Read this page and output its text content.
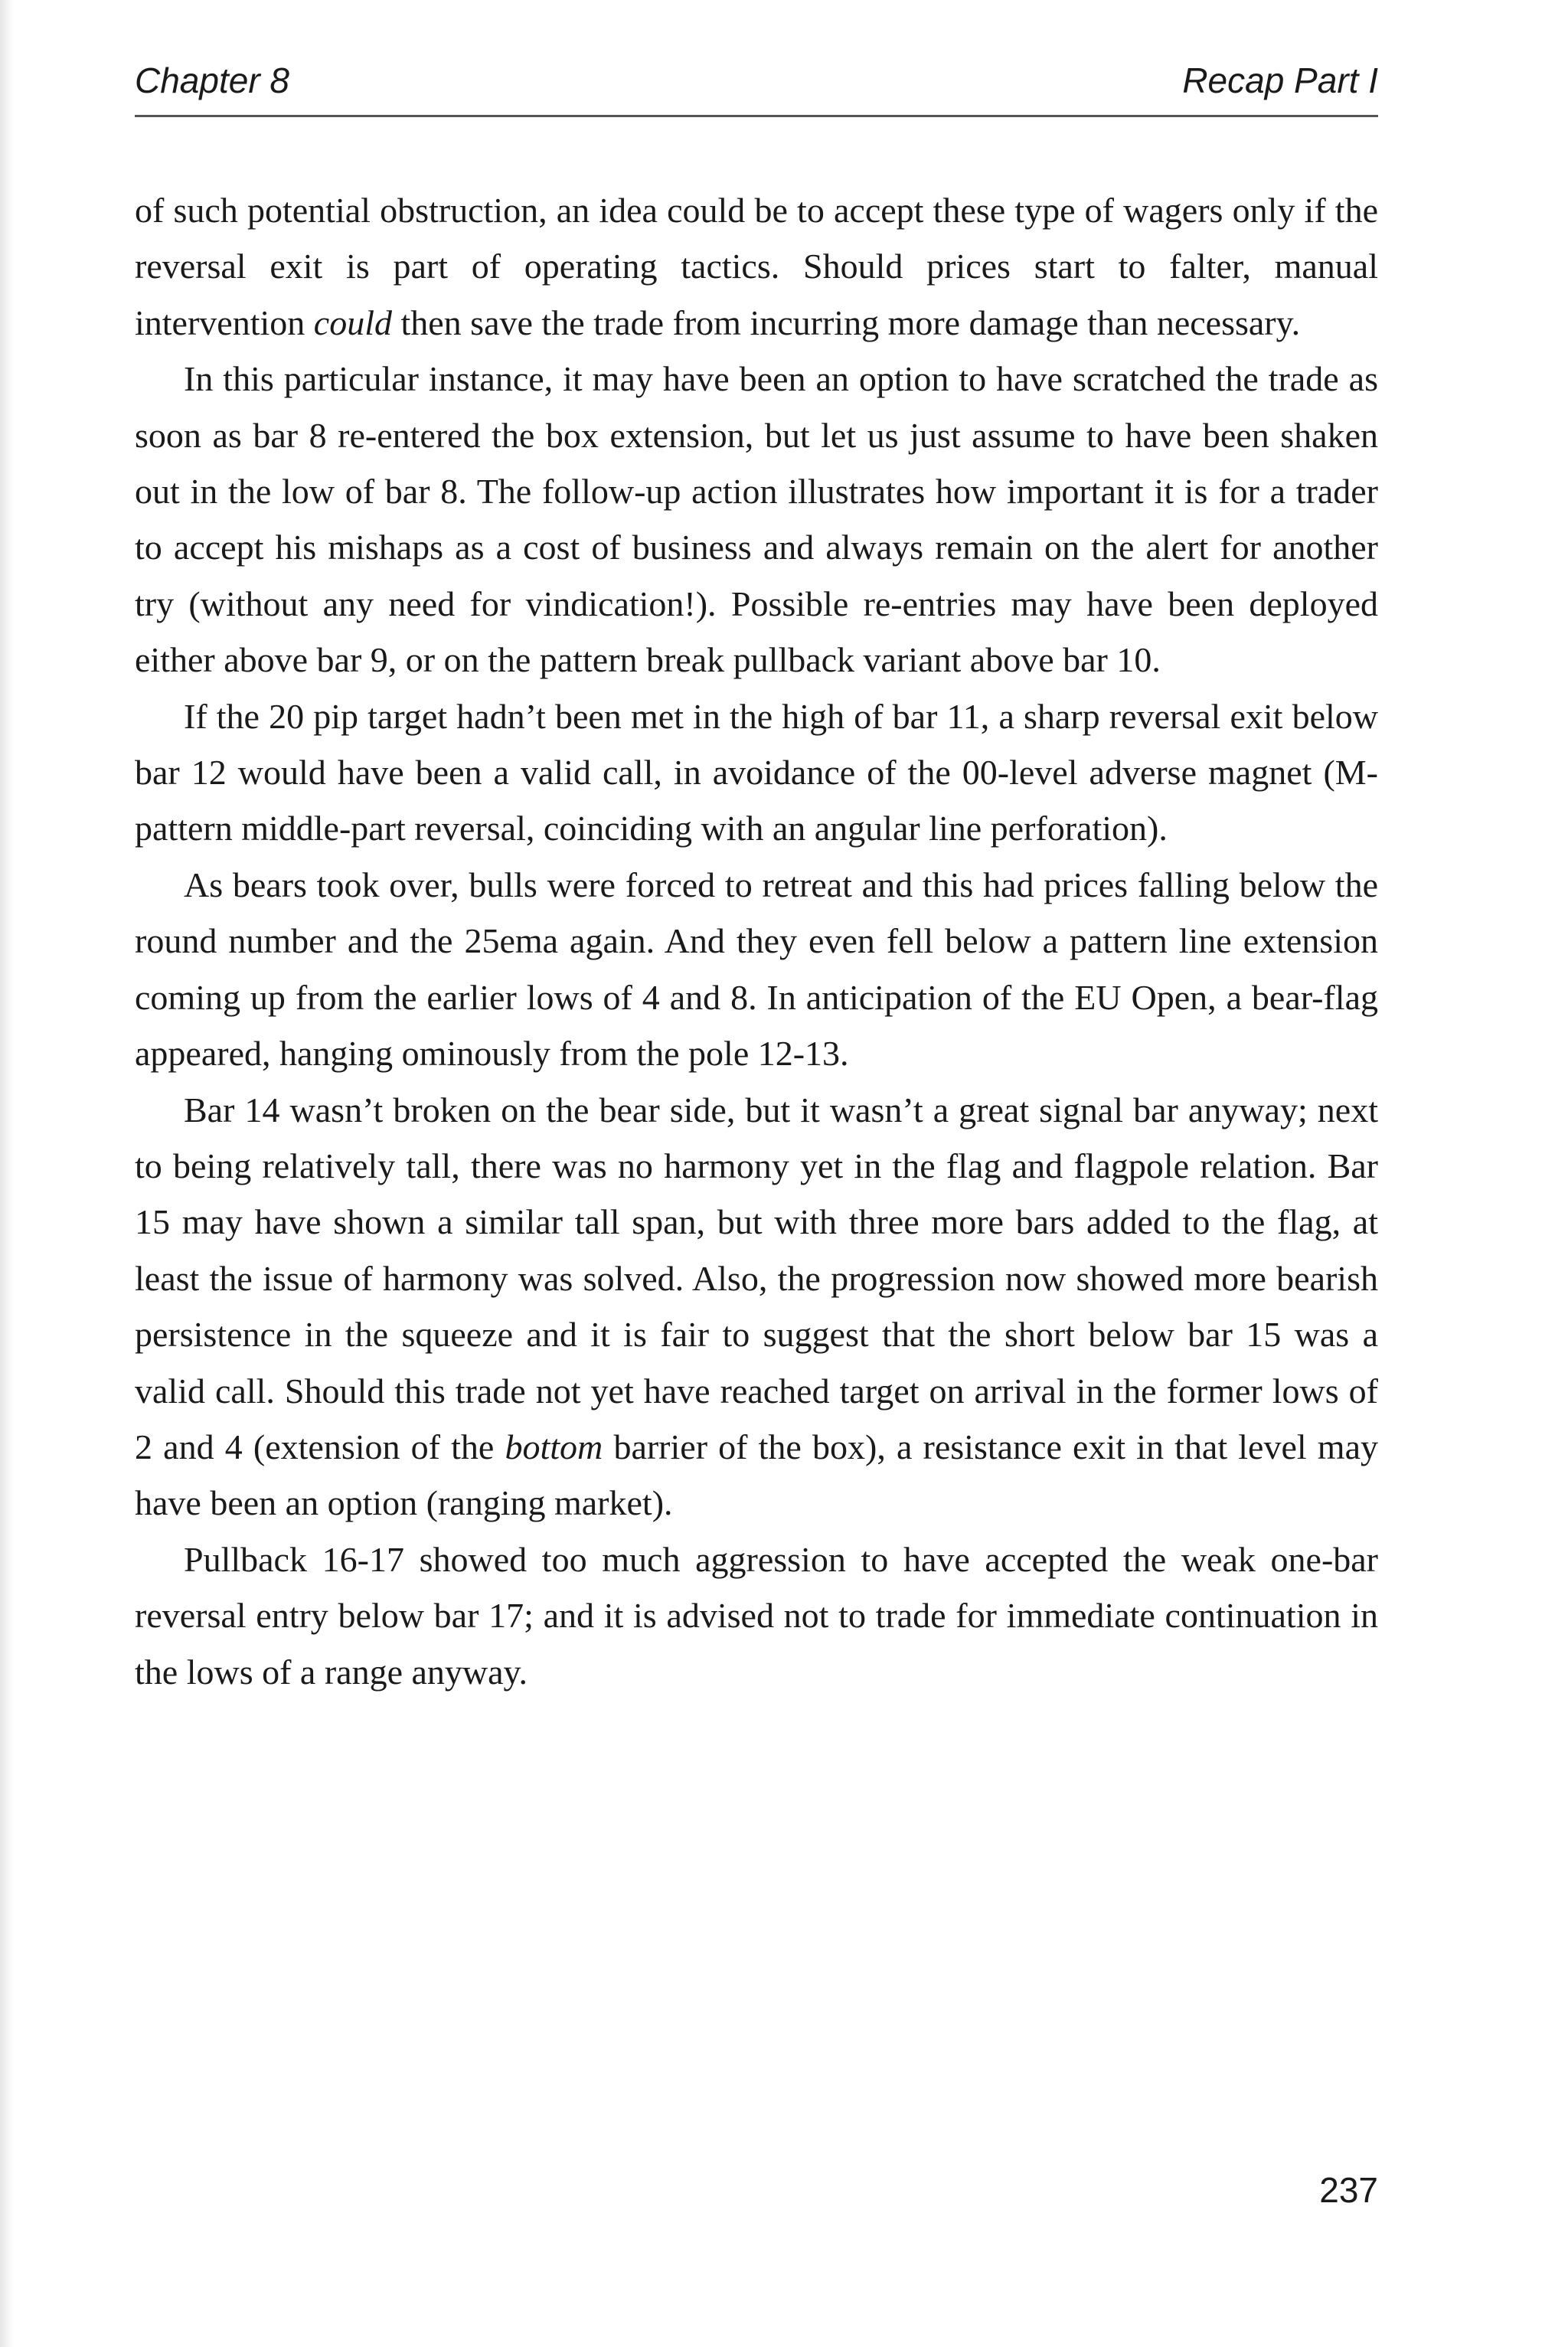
Chapter 8	Recap Part I

of such potential obstruction, an idea could be to accept these type of wagers only if the reversal exit is part of operating tactics. Should prices start to falter, manual intervention could then save the trade from incurring more damage than necessary.

In this particular instance, it may have been an option to have scratched the trade as soon as bar 8 re-entered the box extension, but let us just assume to have been shaken out in the low of bar 8. The follow-up action illustrates how important it is for a trader to accept his mishaps as a cost of business and always remain on the alert for another try (without any need for vindication!). Possible re-entries may have been deployed either above bar 9, or on the pattern break pullback variant above bar 10.

If the 20 pip target hadn’t been met in the high of bar 11, a sharp reversal exit below bar 12 would have been a valid call, in avoidance of the 00-level adverse magnet (M-pattern middle-part reversal, coinciding with an angular line perforation).

As bears took over, bulls were forced to retreat and this had prices falling below the round number and the 25ema again. And they even fell below a pattern line extension coming up from the earlier lows of 4 and 8. In anticipation of the EU Open, a bear-flag appeared, hanging ominously from the pole 12-13.

Bar 14 wasn’t broken on the bear side, but it wasn’t a great signal bar anyway; next to being relatively tall, there was no harmony yet in the flag and flagpole relation. Bar 15 may have shown a similar tall span, but with three more bars added to the flag, at least the issue of harmony was solved. Also, the progression now showed more bearish persistence in the squeeze and it is fair to suggest that the short below bar 15 was a valid call. Should this trade not yet have reached target on arrival in the former lows of 2 and 4 (extension of the bottom barrier of the box), a resistance exit in that level may have been an option (ranging market).

Pullback 16-17 showed too much aggression to have accepted the weak one-bar reversal entry below bar 17; and it is advised not to trade for immediate continuation in the lows of a range anyway.

237
